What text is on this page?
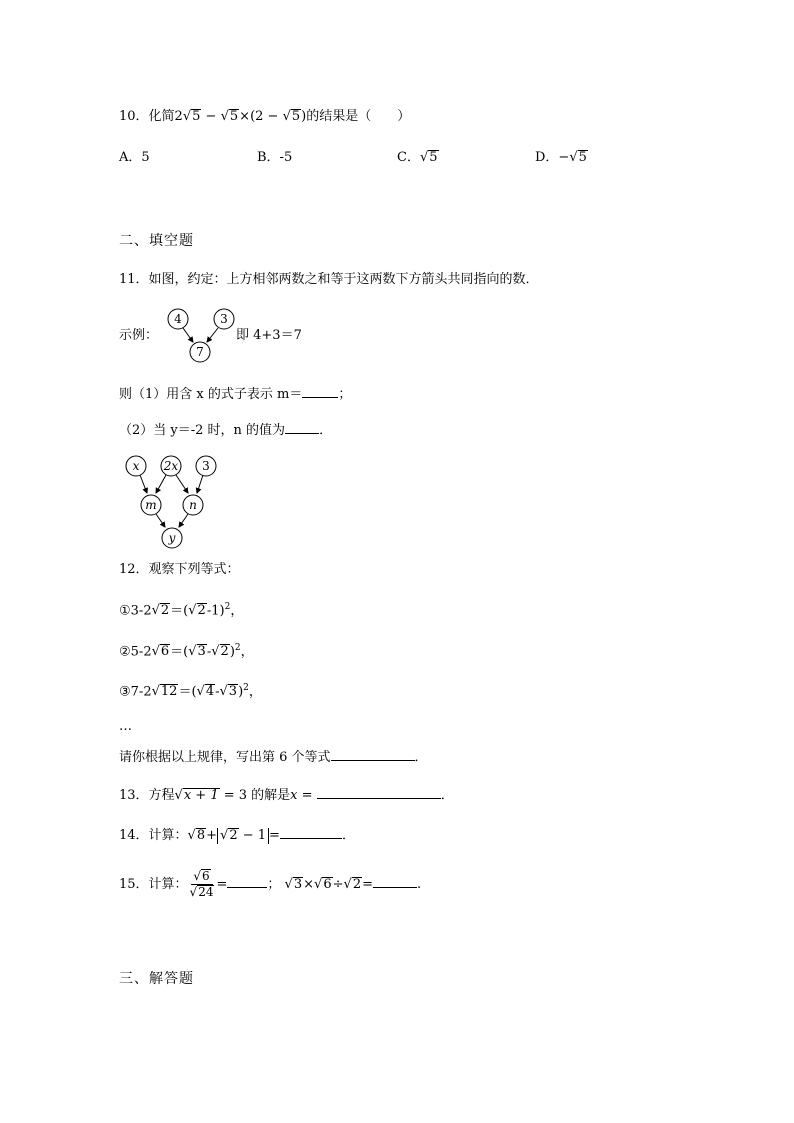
10．化简2√5 − √5×(2 − √5)的结果是（　　）
A．5	B．-5	C．√5	D．−√5
二、填空题
11．如图，约定：上方相邻两数之和等于这两数下方箭头共同指向的数．
示例：
4	3
7
即 4+3＝7
则（1）用含 x 的式子表示 m＝	；
（2）当 y＝-2 时，n 的值为	．
x 2x 3
m	n
y
12．观察下列等式：
$①3-2√2=(√2-1)^2$，
$②5-2√6=(√3-√2)^2$，
$③7-2√12=(√4-√3)^2$，
…
请你根据以上规律，写出第 6 个等式	．
13．方程√x + 1 = 3 的解是x =	．
14．计算：√8+ √2 − 1 =	．
15．计算： $\frac{√6}{√24}$ =	； √3×√6÷√2=	.
三、解答题
